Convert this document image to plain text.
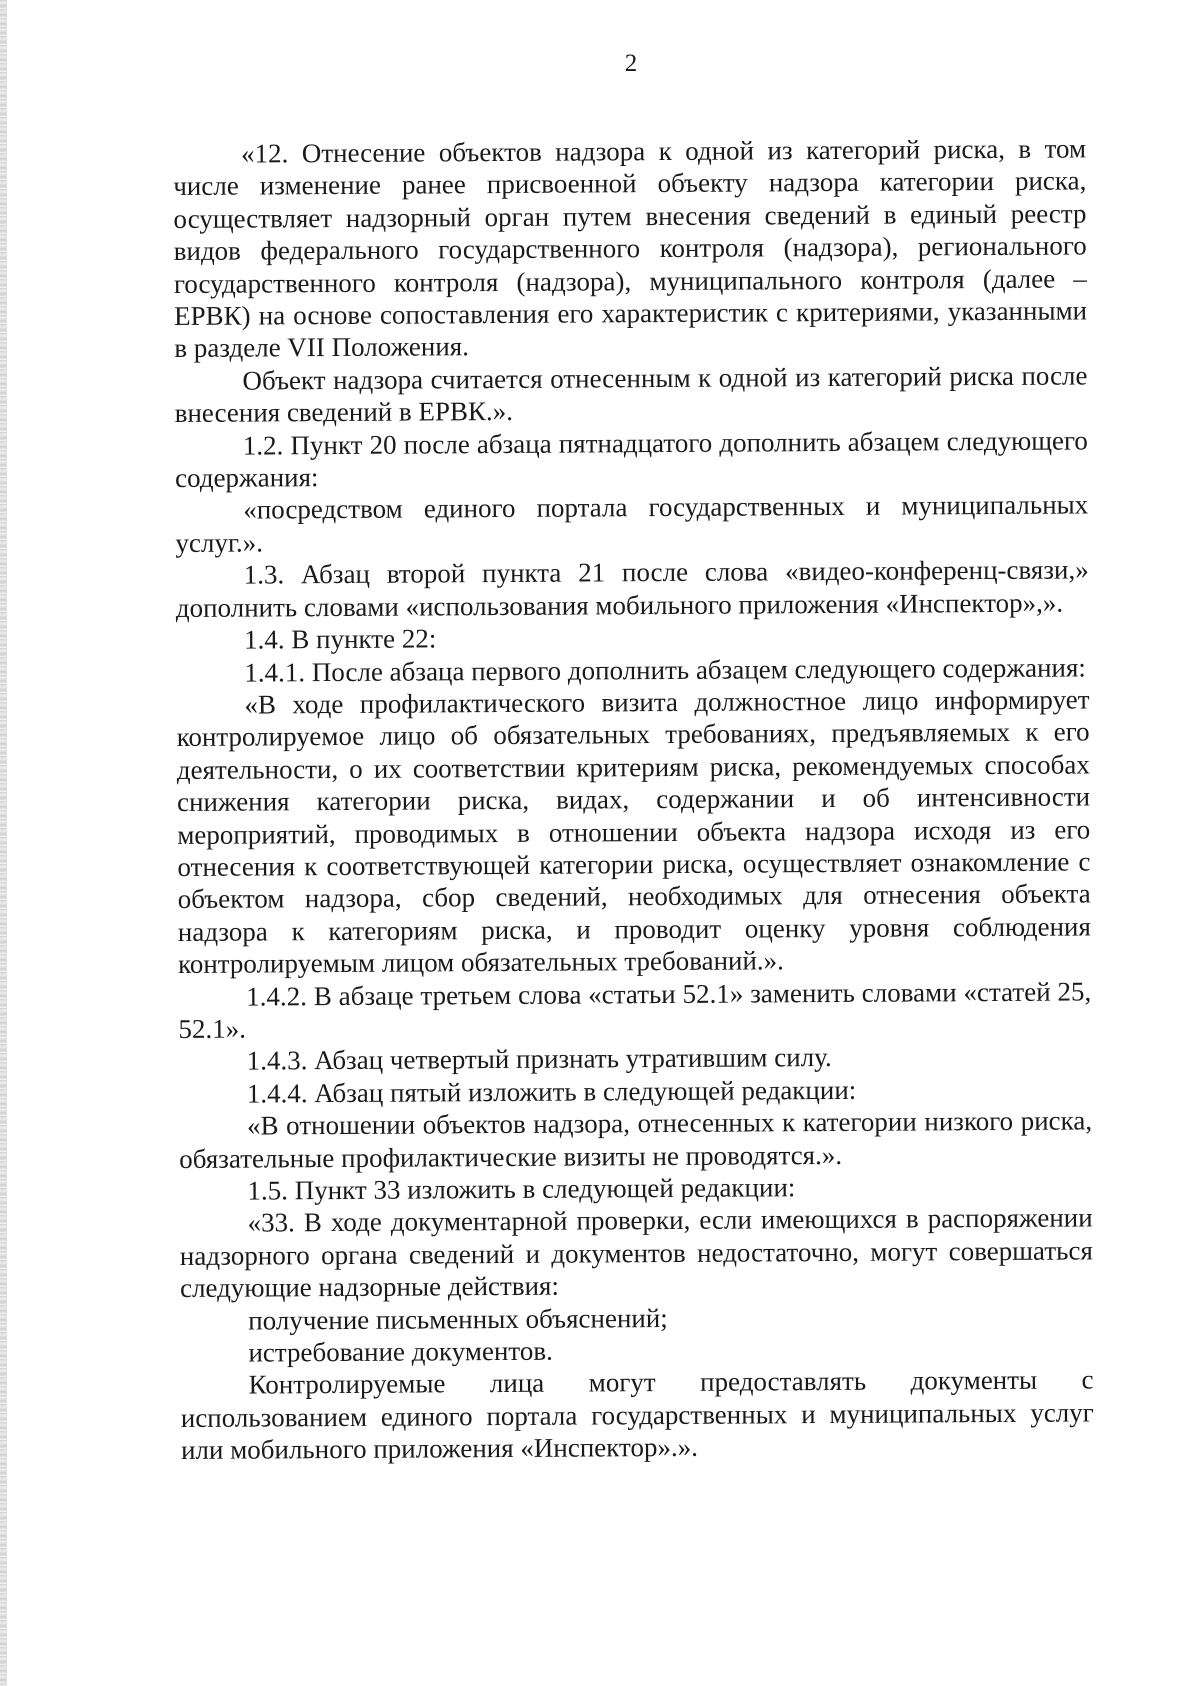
2

«12. Отнесение объектов надзора к одной из категорий риска, в том числе изменение ранее присвоенной объекту надзора категории риска, осуществляет надзорный орган путем внесения сведений в единый реестр видов федерального государственного контроля (надзора), регионального государственного контроля (надзора), муниципального контроля (далее – ЕРВК) на основе сопоставления его характеристик с критериями, указанными в разделе VII Положения.

Объект надзора считается отнесенным к одной из категорий риска после внесения сведений в ЕРВК.».

1.2. Пункт 20 после абзаца пятнадцатого дополнить абзацем следующего содержания:

«посредством единого портала государственных и муниципальных услуг.».

1.3. Абзац второй пункта 21 после слова «видео-конференц-связи,» дополнить словами «использования мобильного приложения «Инспектор»,».

1.4. В пункте 22:

1.4.1. После абзаца первого дополнить абзацем следующего содержания:

«В ходе профилактического визита должностное лицо информирует контролируемое лицо об обязательных требованиях, предъявляемых к его деятельности, о их соответствии критериям риска, рекомендуемых способах снижения категории риска, видах, содержании и об интенсивности мероприятий, проводимых в отношении объекта надзора исходя из его отнесения к соответствующей категории риска, осуществляет ознакомление с объектом надзора, сбор сведений, необходимых для отнесения объекта надзора к категориям риска, и проводит оценку уровня соблюдения контролируемым лицом обязательных требований.».

1.4.2. В абзаце третьем слова «статьи 52.1» заменить словами «статей 25, 52.1».

1.4.3. Абзац четвертый признать утратившим силу.

1.4.4. Абзац пятый изложить в следующей редакции:

«В отношении объектов надзора, отнесенных к категории низкого риска, обязательные профилактические визиты не проводятся.».

1.5. Пункт 33 изложить в следующей редакции:

«33. В ходе документарной проверки, если имеющихся в распоряжении надзорного органа сведений и документов недостаточно, могут совершаться следующие надзорные действия:

получение письменных объяснений;

истребование документов.

Контролируемые лица могут предоставлять документы с использованием единого портала государственных и муниципальных услуг или мобильного приложения «Инспектор».».
